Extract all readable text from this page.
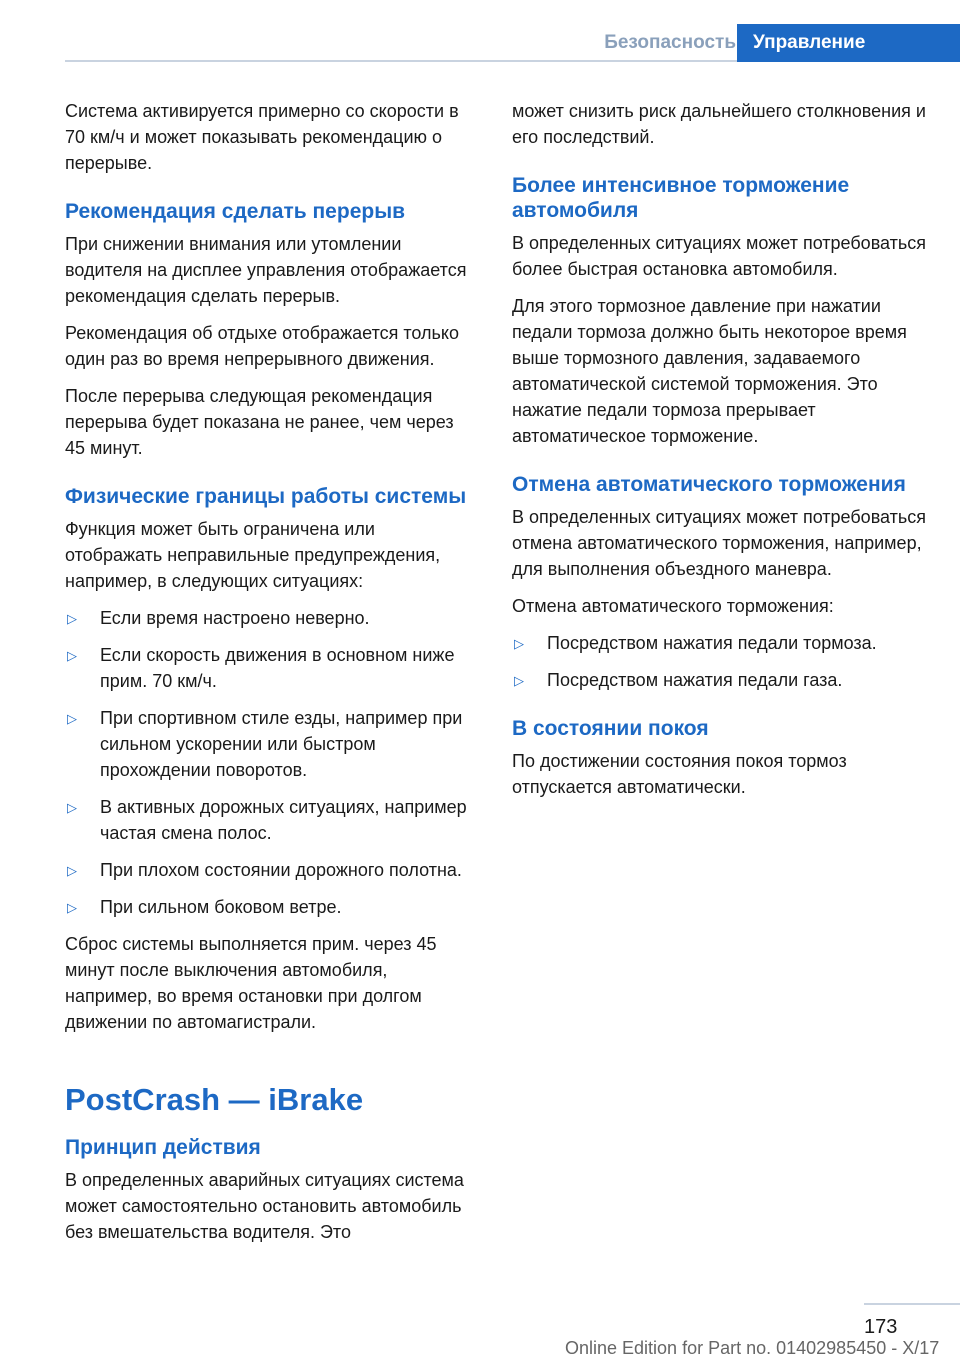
Безопасность Управление

Система активируется примерно со скорости в 70 км/ч и может показывать рекомендацию о перерыве.

Рекомендация сделать перерыв

При снижении внимания или утомлении водителя на дисплее управления отображается рекомендация сделать перерыв.

Рекомендация об отдыхе отображается только один раз во время непрерывного движения.

После перерыва следующая рекомендация перерыва будет показана не ранее, чем через 45 минут.

Физические границы работы системы

Функция может быть ограничена или отображать неправильные предупреждения, например, в следующих ситуациях:

▷ Если время настроено неверно.
▷ Если скорость движения в основном ниже прим. 70 км/ч.
▷ При спортивном стиле езды, например при сильном ускорении или быстром прохождении поворотов.
▷ В активных дорожных ситуациях, например частая смена полос.
▷ При плохом состоянии дорожного полотна.
▷ При сильном боковом ветре.

Сброс системы выполняется прим. через 45 минут после выключения автомобиля, например, во время остановки при долгом движении по автомагистрали.

PostCrash — iBrake
Принцип действия

В определенных аварийных ситуациях система может самостоятельно остановить автомобиль без вмешательства водителя. Это

может снизить риск дальнейшего столкновения и его последствий.

Более интенсивное торможение автомобиля

В определенных ситуациях может потребоваться более быстрая остановка автомобиля.

Для этого тормозное давление при нажатии педали тормоза должно быть некоторое время выше тормозного давления, задаваемого автоматической системой торможения. Это нажатие педали тормоза прерывает автоматическое торможение.

Отмена автоматического торможения

В определенных ситуациях может потребоваться отмена автоматического торможения, например, для выполнения объездного маневра.

Отмена автоматического торможения:

▷ Посредством нажатия педали тормоза.
▷ Посредством нажатия педали газа.
В состоянии покоя

По достижении состояния покоя тормоз отпускается автоматически.

173
Online Edition for Part no. 01402985450 - X/17
